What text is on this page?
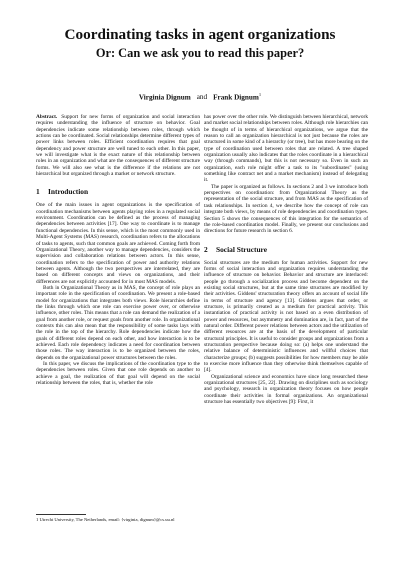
Coordinating tasks in agent organizations
Or: Can we ask you to read this paper?
Virginia Dignum and Frank Dignum$^1$

Abstract. Support for new forms of organization and social interaction requires understanding the influence of structure on behavior. Goal dependencies indicate some relationship between roles, through which actions can be coordinated. Social relationships determine different types of power links between roles. Efficient coordination requires that goal dependency and power structure are well tuned to each other. In this paper, we will investigate what is the exact nature of this relationship between roles in an organization and what are the consequences of different structure forms. We will also see what is the difference if the relations are not hierarchical but organized through a market or network structure.

1 Introduction

One of the main issues in agent organizations is the specification of coordination mechanisms between agents playing roles in a regulated social environment. Coordination can be defined as the process of managing dependencies between activities [17]. One way to coordinate is to manage functional dependencies. In this sense, which is the most commonly used in Multi-Agent Systems (MAS) research, coordination refers to the allocations of tasks to agents, such that common goals are achieved. Coming forth from Organizational Theory, another way to manage dependencies, considers the supervision and collaboration relations between actors. In this sense, coordination refers to the specification of power and authority relations between agents. Although the two perspectives are interrelated, they are based on different concepts and views on organizations, and their differences are not explicitly accounted for in most MAS models.

Both in Organizational Theory as in MAS, the concept of role plays an important role in the specification of coordination. We present a role-based model for organizations that integrates both views. Role hierarchies define the links through which one role can exercise power over, or otherwise influence, other roles. This means that a role can demand the realization of a goal from another role, or request goals from another role. In organizational contexts this can also mean that the responsibility of some tasks lays with the role in the top of the hierarchy. Role dependencies indicate how the goals of different roles depend on each other, and how interaction is to be achieved. Each role dependency indicates a need for coordination between those roles. The way interaction is to be organized between the roles, depends on the organizational power structures between the roles.

In this paper, we discuss the implications of the coordination type to the dependencies between roles. Given that one role depends on another to achieve a goal, the realization of that goal will depend on the social relationship between the roles, that is, whether the role

has power over the other role. We distinguish between hierarchical, network and market social relationships between roles. Although role hierarchies can be thought of in terms of hierarchical organizations, we argue that the reason to call an organization hierarchical is not just because the roles are structured in some kind of a hierarchy (or tree), but has more bearing on the type of coordination used between roles that are related. A tree shaped organization usually also indicates that the roles coordinate in a hierarchical way (through commands), but this is not necessary so. Even in such an organization, each role might offer a task to its "subordinates" (using something like contract net and a market mechanism) instead of delegating it.

The paper is organized as follows. In sections 2 and 3 we introduce both perspectives on coordination: from Organizational Theory as the representation of the social structure, and from MAS as the specification of task relationships. In section 4, we describe how the concept of role can integrate both views, by means of role dependencies and coordination types. Section 5 shows the consequences of this integration for the semantics of the role-based coordination model. Finally, we present our conclusions and directions for future research in section 6.

2 Social Structure

Social structures are the medium for human activities. Support for new forms of social interaction and organization requires understanding the influence of structure on behavior. Behavior and structure are interlaced: people go through a socialization process and become dependent on the existing social structures, but at the same time structures are modified by their activities. Giddens' structuration theory offers an account of social life in terms of structure and agency [13]. Giddens argues that order, or structure, is primarily created as a medium for practical activity. This instantiation of practical activity is not based on a even distribution of power and resources, but asymmetry and domination are, in fact, part of the natural order. Different power relations between actors and the utilization of different resources are at the basis of the development of particular structural principles. It is useful to consider groups and organizations from a structuration perspective because doing so: (a) helps one understand the relative balance of deterministic influences and willful choices that characterize groups; (b) suggests possibilities for how members may be able to exercise more influence than they otherwise think themselves capable of [4].

Organizational science and economics have since long researched these organizational structures [25, 22]. Drawing on disciplines such as sociology and psychology, research in organization theory focuses on how people coordinate their activities in formal organizations. An organizational structure has essentially two objectives [9]: First, it

1 Utrecht University, The Netherlands, email: {virginia, dignum}@cs.uu.nl
